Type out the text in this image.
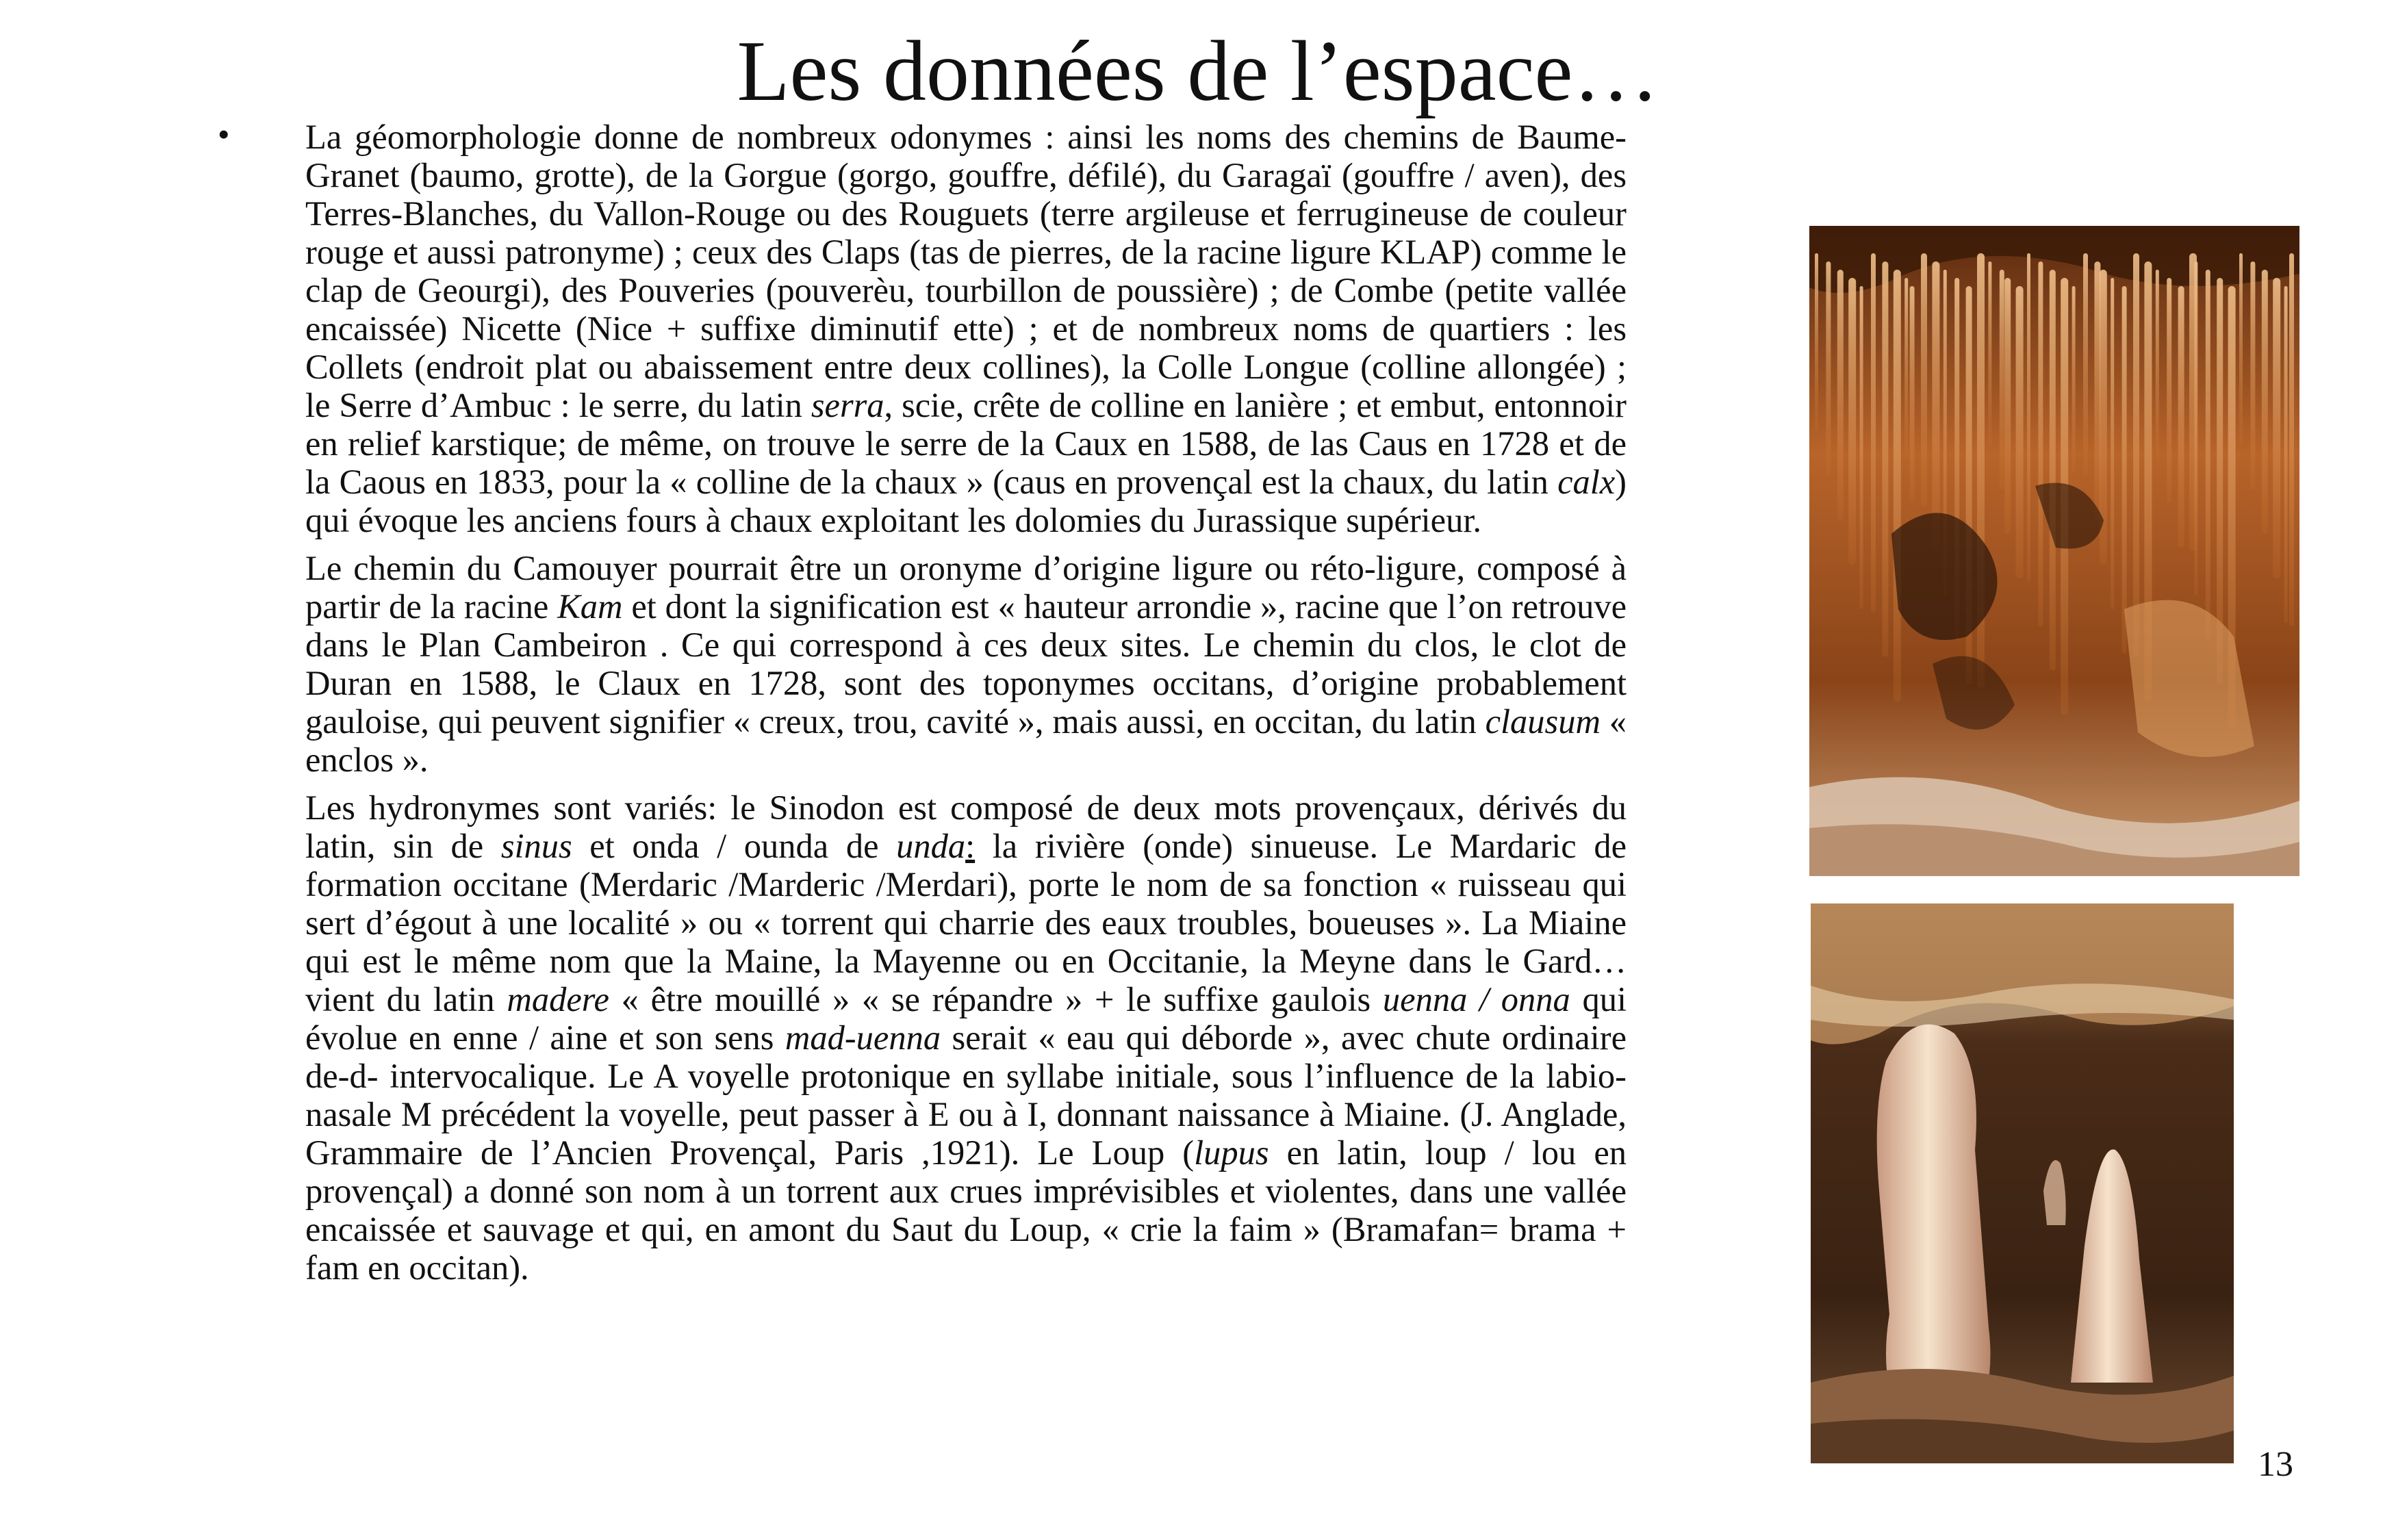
Les données de l’espace…
• La géomorphologie donne de nombreux odonymes : ainsi les noms des chemins de Baume-Granet (baumo, grotte), de la Gorgue (gorgo, gouffre, défilé), du Garagaï (gouffre / aven), des Terres-Blanches, du Vallon-Rouge ou des Rouguets (terre argileuse et ferrugineuse de couleur rouge et aussi patronyme) ; ceux des Claps (tas de pierres, de la racine ligure KLAP) comme le clap de Geourgi), des Pouveries (pouverèu, tourbillon de poussière) ; de Combe (petite vallée encaissée) Nicette (Nice + suffixe diminutif ette) ; et de nombreux noms de quartiers : les Collets (endroit plat ou abaissement entre deux collines), la Colle Longue (colline allongée) ; le Serre d’Ambuc : le serre, du latin serra, scie, crête de colline en lanière ; et embut, entonnoir en relief karstique; de même, on trouve le serre de la Caux en 1588, de las Caus en 1728 et de la Caous en 1833, pour la « colline de la chaux » (caus en provençal est la chaux, du latin calx) qui évoque les anciens fours à chaux exploitant les dolomies du Jurassique supérieur.

Le chemin du Camouyer pourrait être un oronyme d’origine ligure ou réto-ligure, composé à partir de la racine Kam et dont la signification est « hauteur arrondie », racine que l’on retrouve dans le Plan Cambeiron . Ce qui correspond à ces deux sites. Le chemin du clos, le clot de Duran en 1588, le Claux en 1728, sont des toponymes occitans, d’origine probablement gauloise, qui peuvent signifier « creux, trou, cavité », mais aussi, en occitan, du latin clausum « enclos ».

Les hydronymes sont variés: le Sinodon est composé de deux mots provençaux, dérivés du latin, sin de sinus et onda / ounda de unda: la rivière (onde) sinueuse. Le Mardaric de formation occitane (Merdaric /Marderic /Merdari), porte le nom de sa fonction « ruisseau qui sert d’égout à une localité » ou « torrent qui charrie des eaux troubles, boueuses ». La Miaine qui est le même nom que la Maine, la Mayenne ou en Occitanie, la Meyne dans le Gard… vient du latin madere « être mouillé » « se répandre » + le suffixe gaulois uenna / onna qui évolue en enne / aine et son sens mad-uenna serait « eau qui déborde », avec chute ordinaire de-d- intervocalique. Le A voyelle protonique en syllabe initiale, sous l’influence de la labio-nasale M précédent la voyelle, peut passer à E ou à I, donnant naissance à Miaine. (J. Anglade, Grammaire de l’Ancien Provençal, Paris ,1921). Le Loup (lupus en latin, loup / lou en provençal) a donné son nom à un torrent aux crues imprévisibles et violentes, dans une vallée encaissée et sauvage et qui, en amont du Saut du Loup, « crie la faim » (Bramafan= brama + fam en occitan).

13
